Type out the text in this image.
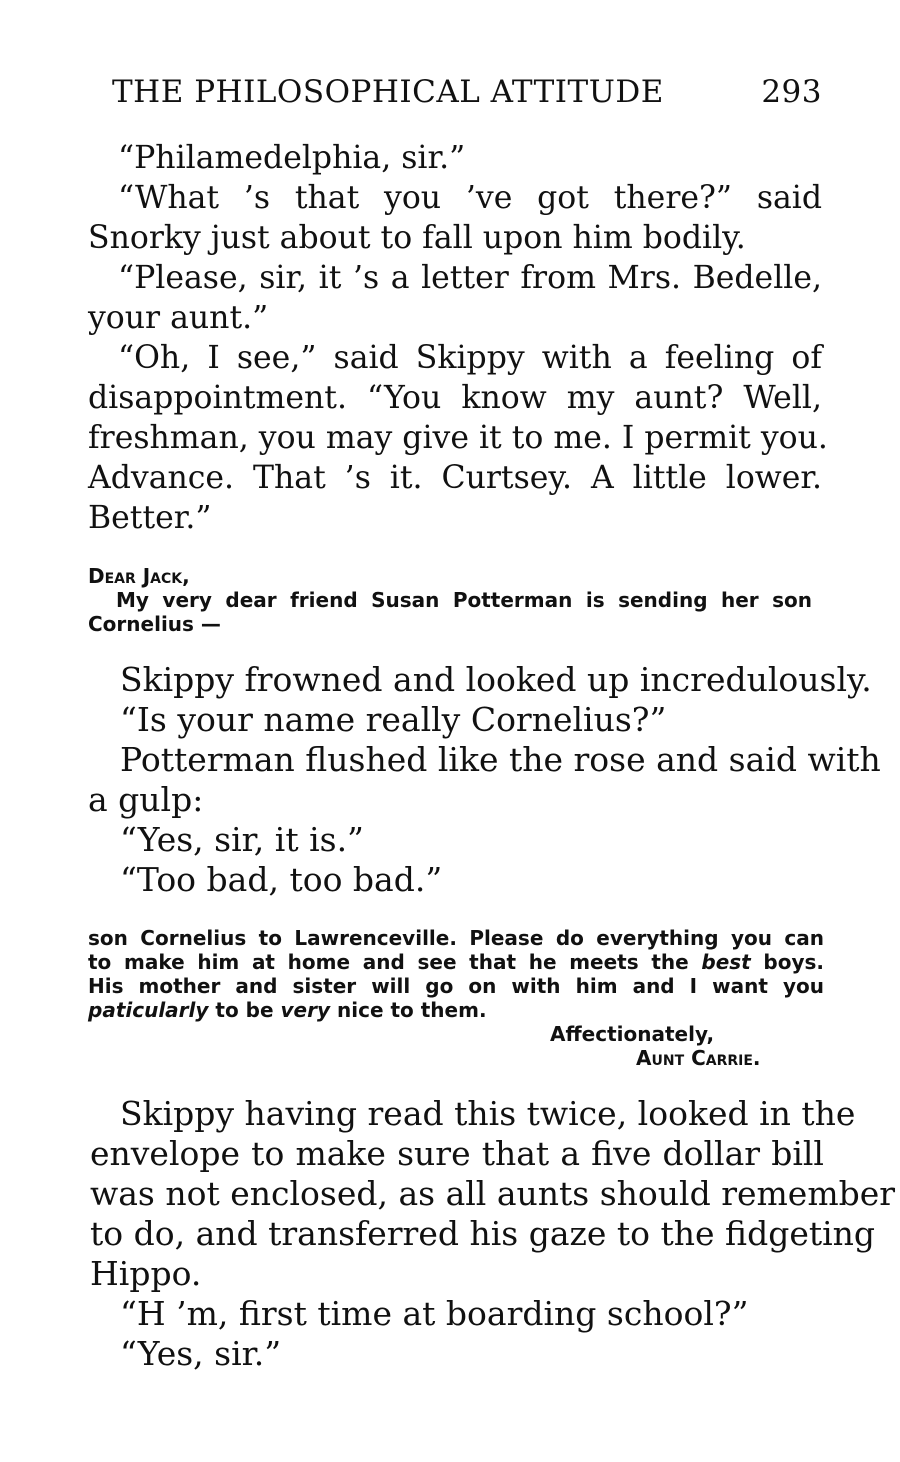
THE PHILOSOPHICAL ATTITUDE	293
“Philamedelphia, sir.”
“What ’s that you ’ve got there?” said
Snorky just about to fall upon him bodily.
“Please, sir, it ’s a letter from Mrs. Bedelle,
your aunt.”
“Oh, I see,” said Skippy with a feeling of
disappointment. “You know my aunt? Well,
freshman, you may give it to me. I permit you.
Advance. That ’s it. Curtsey. A little lower.
Better.”
Dear Jack,
My very dear friend Susan Potterman is sending her son
Cornelius —
Skippy frowned and looked up incredulously.
“Is your name really Cornelius?”
Potterman flushed like the rose and said with
a gulp:
“Yes, sir, it is.”
“Too bad, too bad.”
son Cornelius to Lawrenceville. Please do everything you can
to make him at home and see that he meets the best boys.
His mother and sister will go on with him and I want you
paticularly to be very nice to them.
Affectionately,
Aunt Carrie.
Skippy having read this twice, looked in the
envelope to make sure that a five dollar bill
was not enclosed, as all aunts should remember
to do, and transferred his gaze to the fidgeting
Hippo.
“H ’m, first time at boarding school?”
“Yes, sir.”
